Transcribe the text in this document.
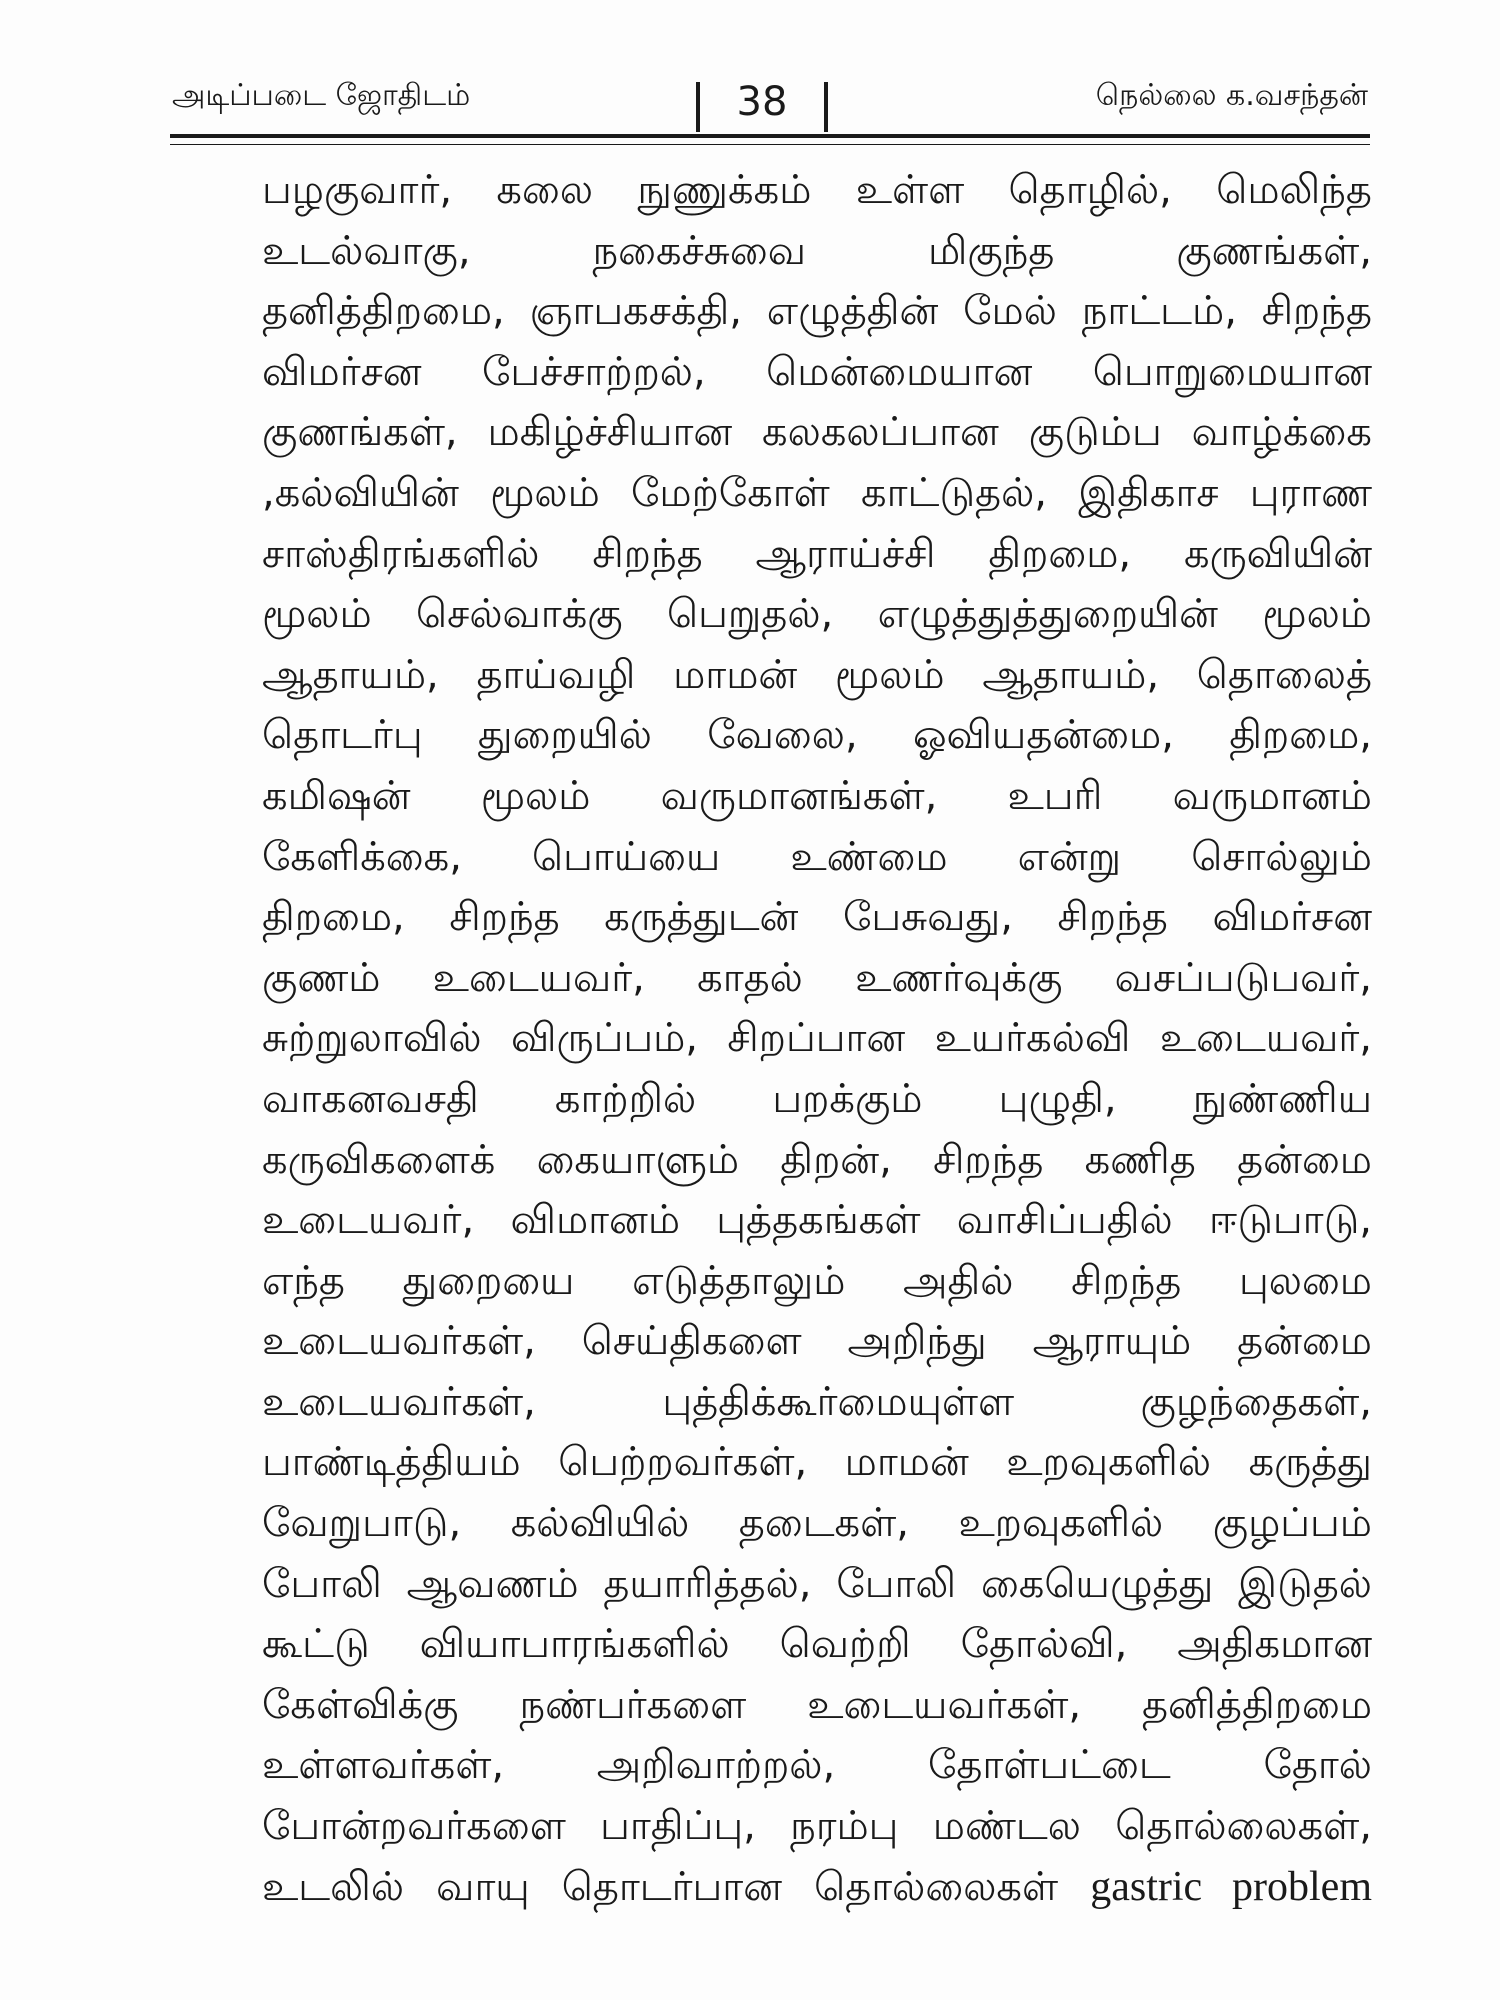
அடிப்படை ஜோதிடம்	38	நெல்லை க.வசந்தன்
பழகுவார், கலை நுணுக்கம் உள்ள தொழில், மெலிந்த
உடல்வாகு, நகைச்சுவை மிகுந்த குணங்கள்,
தனித்திறமை, ஞாபகசக்தி, எழுத்தின் மேல் நாட்டம், சிறந்த
விமர்சன பேச்சாற்றல், மென்மையான பொறுமையான
குணங்கள், மகிழ்ச்சியான கலகலப்பான குடும்ப வாழ்க்கை
,கல்வியின் மூலம் மேற்கோள் காட்டுதல், இதிகாச புராண
சாஸ்திரங்களில் சிறந்த ஆராய்ச்சி திறமை, கருவியின்
மூலம் செல்வாக்கு பெறுதல், எழுத்துத்துறையின் மூலம்
ஆதாயம், தாய்வழி மாமன் மூலம் ஆதாயம், தொலைத்
தொடர்பு துறையில் வேலை, ஓவியதன்மை, திறமை,
கமிஷன் மூலம் வருமானங்கள், உபரி வருமானம்
கேளிக்கை, பொய்யை உண்மை என்று சொல்லும்
திறமை, சிறந்த கருத்துடன் பேசுவது, சிறந்த விமர்சன
குணம் உடையவர், காதல் உணர்வுக்கு வசப்படுபவர்,
சுற்றுலாவில் விருப்பம், சிறப்பான உயர்கல்வி உடையவர்,
வாகனவசதி காற்றில் பறக்கும் புழுதி, நுண்ணிய
கருவிகளைக் கையாளும் திறன், சிறந்த கணித தன்மை
உடையவர், விமானம் புத்தகங்கள் வாசிப்பதில் ஈடுபாடு,
எந்த துறையை எடுத்தாலும் அதில் சிறந்த புலமை
உடையவர்கள், செய்திகளை அறிந்து ஆராயும் தன்மை
உடையவர்கள், புத்திக்கூர்மையுள்ள குழந்தைகள்,
பாண்டித்தியம் பெற்றவர்கள், மாமன் உறவுகளில் கருத்து
வேறுபாடு, கல்வியில் தடைகள், உறவுகளில் குழப்பம்
போலி ஆவணம் தயாரித்தல், போலி கையெழுத்து இடுதல்
கூட்டு வியாபாரங்களில் வெற்றி தோல்வி, அதிகமான
கேள்விக்கு நண்பர்களை உடையவர்கள், தனித்திறமை
உள்ளவர்கள், அறிவாற்றல், தோள்பட்டை தோல்
போன்றவர்களை பாதிப்பு, நரம்பு மண்டல தொல்லைகள்,
உடலில் வாயு தொடர்பான தொல்லைகள் gastric problem
